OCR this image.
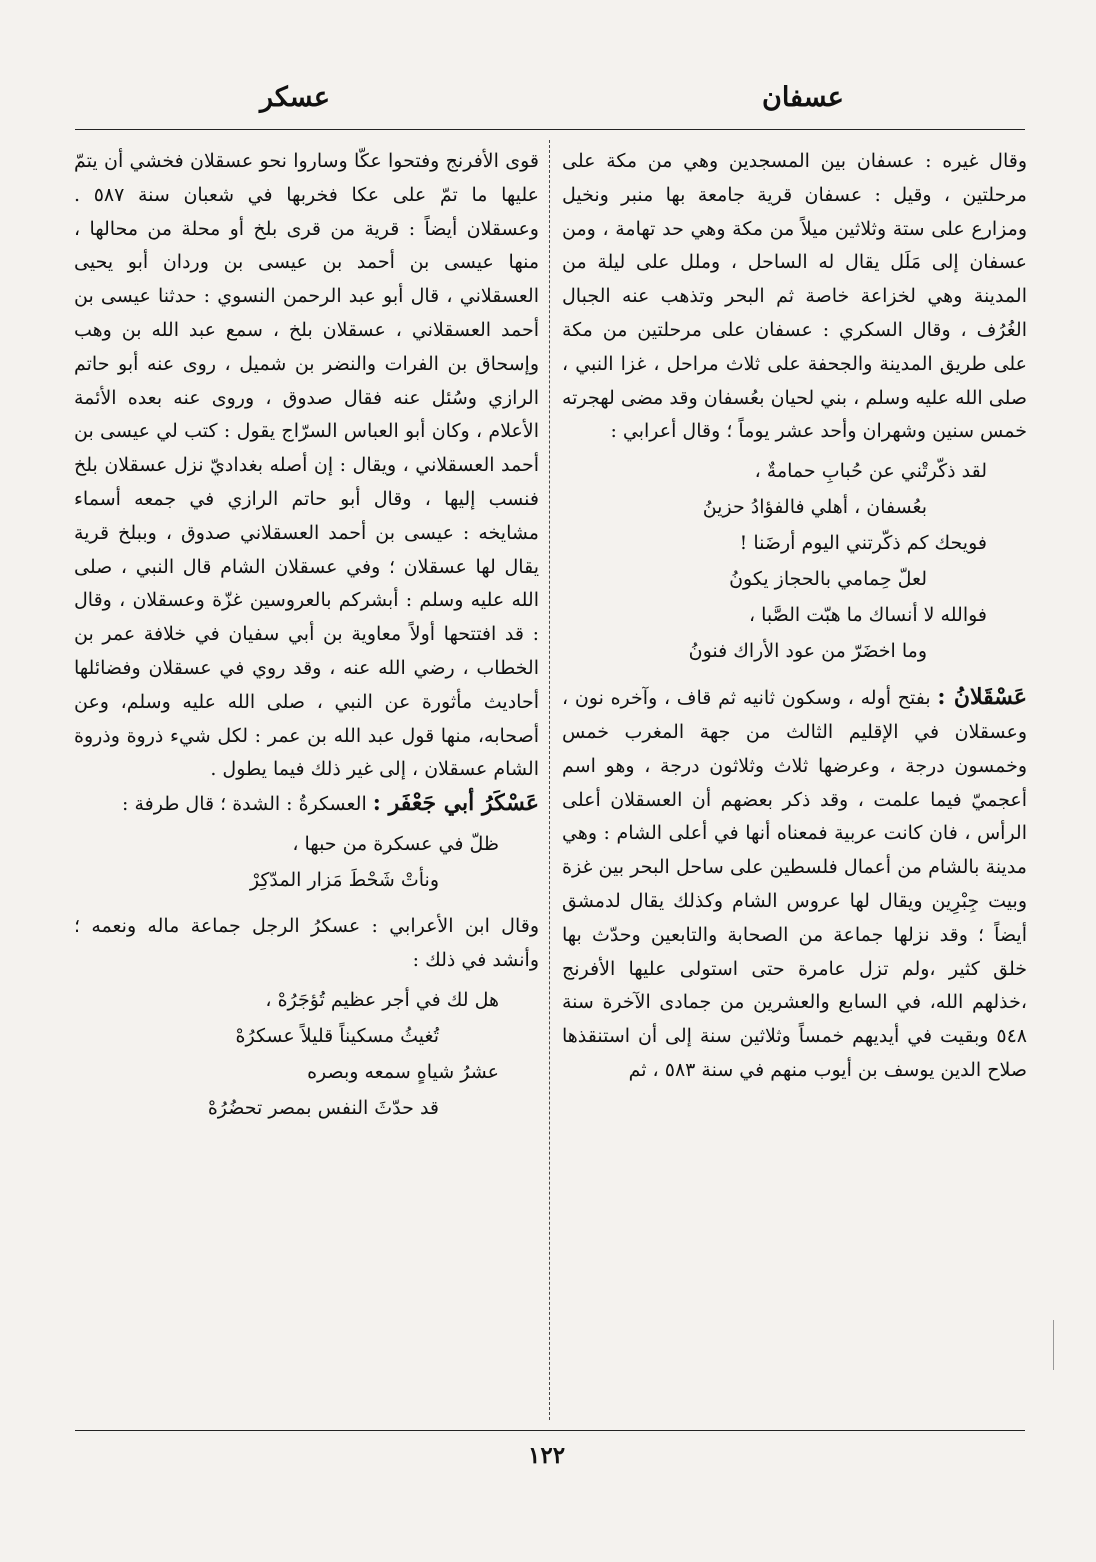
عسفان
عسكر

وقال غيره : عسفان بين المسجدين وهي من مكة على مرحلتين ، وقيل : عسفان قرية جامعة بها منبر ونخيل ومزارع على ستة وثلاثين ميلاً من مكة وهي حد تهامة ، ومن عسفان إلى مَلَل يقال له الساحل ، وملل على ليلة من المدينة وهي لخزاعة خاصة ثم البحر وتذهب عنه الجبال الغُرُف ، وقال السكري : عسفان على مرحلتين من مكة على طريق المدينة والجحفة على ثلاث مراحل ، غزا النبي ، صلى الله عليه وسلم ، بني لحيان بعُسفان وقد مضى لهجرته خمس سنين وشهران وأحد عشر يوماً ؛ وقال أعرابي :

لقد ذكّرتْني عن حُبابِ حمامةٌ ،
بعُسفان ، أهلي فالفؤادُ حزينُ
فويحك كم ذكّرتني اليوم أرضَنا !
لعلّ حِمامي بالحجاز يكونُ
فوالله لا أنساك ما هبّت الصَّبا ،
وما اخضَرّ من عود الأراك فنونُ

عَسْقَلانُ : بفتح أوله ، وسكون ثانيه ثم قاف ، وآخره نون ، وعسقلان في الإقليم الثالث من جهة المغرب خمس وخمسون درجة ، وعرضها ثلاث وثلاثون درجة ، وهو اسم أعجميّ فيما علمت ، وقد ذكر بعضهم أن العسقلان أعلى الرأس ، فان كانت عربية فمعناه أنها في أعلى الشام : وهي مدينة بالشام من أعمال فلسطين على ساحل البحر بين غزة وبيت جِبْرِين ويقال لها عروس الشام وكذلك يقال لدمشق أيضاً ؛ وقد نزلها جماعة من الصحابة والتابعين وحدّث بها خلق كثير ،ولم تزل عامرة حتى استولى عليها الأفرنج ،خذلهم الله، في السابع والعشرين من جمادى الآخرة سنة ٥٤٨ وبقيت في أيديهم خمساً وثلاثين سنة إلى أن استنقذها صلاح الدين يوسف بن أيوب منهم في سنة ٥٨٣ ، ثم

قوى الأفرنج وفتحوا عكّا وساروا نحو عسقلان فخشي أن يتمّ عليها ما تمّ على عكا فخربها في شعبان سنة ٥٨٧ . وعسقلان أيضاً : قرية من قرى بلخ أو محلة من محالها ، منها عيسى بن أحمد بن عيسى بن وردان أبو يحيى العسقلاني ، قال أبو عبد الرحمن النسوي : حدثنا عيسى بن أحمد العسقلاني ، عسقلان بلخ ، سمع عبد الله بن وهب وإسحاق بن الفرات والنضر بن شميل ، روى عنه أبو حاتم الرازي وسُئل عنه فقال صدوق ، وروى عنه بعده الأئمة الأعلام ، وكان أبو العباس السرّاج يقول : كتب لي عيسى بن أحمد العسقلاني ، ويقال : إن أصله بغداديّ نزل عسقلان بلخ فنسب إليها ، وقال أبو حاتم الرازي في جمعه أسماء مشايخه : عيسى بن أحمد العسقلاني صدوق ، وببلخ قرية يقال لها عسقلان ؛ وفي عسقلان الشام قال النبي ، صلى الله عليه وسلم : أبشركم بالعروسين غزّة وعسقلان ، وقال : قد افتتحها أولاً معاوية بن أبي سفيان في خلافة عمر بن الخطاب ، رضي الله عنه ، وقد روي في عسقلان وفضائلها أحاديث مأثورة عن النبي ، صلى الله عليه وسلم، وعن أصحابه، منها قول عبد الله بن عمر : لكل شيء ذروة وذروة الشام عسقلان ، إلى غير ذلك فيما يطول .

عَسْكَرُ أبي جَعْفَر : العسكرةُ : الشدة ؛ قال طرفة :

ظلّ في عسكرة من حبها ،
ونأتْ شَحْطَ مَزار المدّكِرْ

وقال ابن الأعرابي : عسكرُ الرجل جماعة ماله ونعمه ؛ وأنشد في ذلك :

هل لك في أجر عظيم تُؤجَرُهْ ،
تُغيثُ مسكيناً قليلاً عسكرُهْ
عشرُ شياهٍ سمعه وبصره
قد حدّثَ النفس بمصر تحضُرُهْ
١٢٢
